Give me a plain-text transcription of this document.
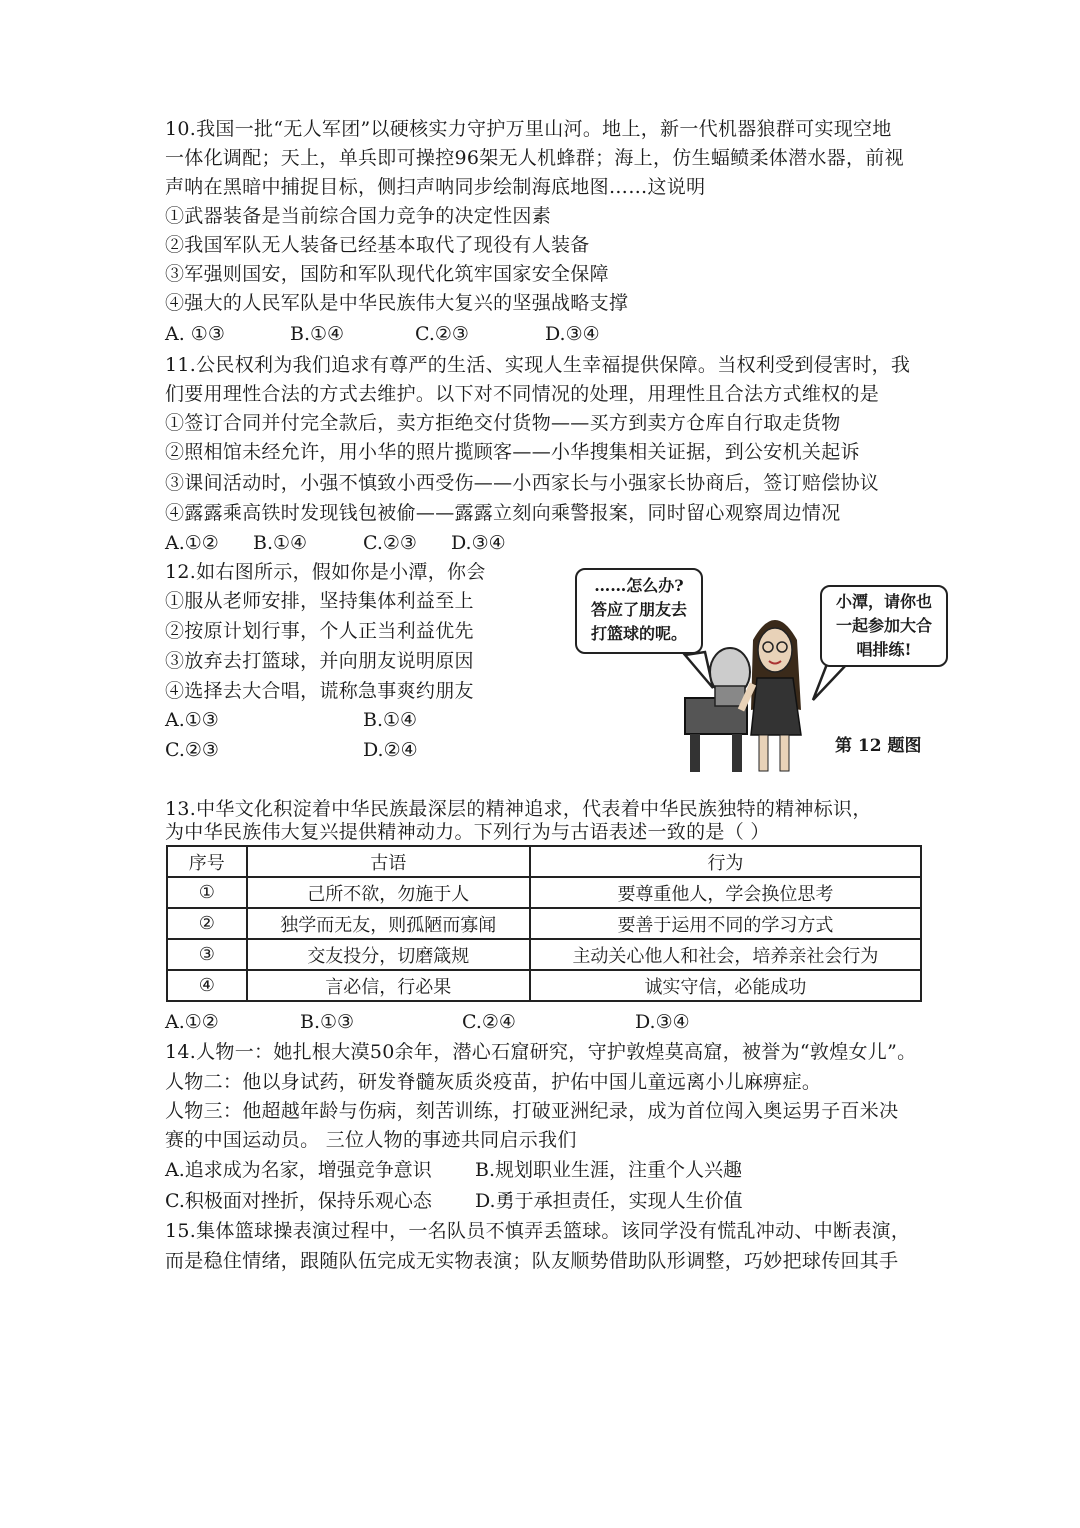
10.我国一批“无人军团”以硬核实力守护万里山河。地上，新一代机器狼群可实现空地
一体化调配；天上，单兵即可操控96架无人机蜂群；海上，仿生蝠鲼柔体潜水器，前视
声呐在黑暗中捕捉目标，侧扫声呐同步绘制海底地图……这说明
①武器装备是当前综合国力竞争的决定性因素
②我国军队无人装备已经基本取代了现役有人装备
③军强则国安，国防和军队现代化筑牢国家安全保障
④强大的人民军队是中华民族伟大复兴的坚强战略支撑
A. ①③	B.①④	C.②③	D.③④
11.公民权利为我们追求有尊严的生活、实现人生幸福提供保障。当权利受到侵害时，我
们要用理性合法的方式去维护。以下对不同情况的处理，用理性且合法方式维权的是
①签订合同并付完全款后，卖方拒绝交付货物——买方到卖方仓库自行取走货物
②照相馆未经允许，用小华的照片揽顾客——小华搜集相关证据，到公安机关起诉
③课间活动时，小强不慎致小西受伤——小西家长与小强家长协商后，签订赔偿协议
④露露乘高铁时发现钱包被偷——露露立刻向乘警报案，同时留心观察周边情况
A.①② B.①④	C.②③ D.③④
12.如右图所示，假如你是小潭，你会
①服从老师安排，坚持集体利益至上
②按原计划行事，个人正当利益优先
③放弃去打篮球，并向朋友说明原因
④选择去大合唱，谎称急事爽约朋友
A.①③	B.①④
C.②③	D.②④
……怎么办?
答应了朋友去
打篮球的呢。
小潭，请你也
一起参加大合
唱排练!
第 12 题图
13.中华文化积淀着中华民族最深层的精神追求，代表着中华民族独特的精神标识，
为中华民族伟大复兴提供精神动力。下列行为与古语表述一致的是（ ）
序号	古语	行为
①	己所不欲，勿施于人	要尊重他人，学会换位思考
②	独学而无友，则孤陋而寡闻	要善于运用不同的学习方式
③	交友投分，切磨箴规	主动关心他人和社会，培养亲社会行为
④	言必信，行必果	诚实守信，必能成功
A.①②	B.①③	C.②④	D.③④
14.人物一：她扎根大漠50余年，潜心石窟研究，守护敦煌莫高窟，被誉为“敦煌女儿”。
人物二：他以身试药，研发脊髓灰质炎疫苗，护佑中国儿童远离小儿麻痹症。
人物三：他超越年龄与伤病，刻苦训练，打破亚洲纪录，成为首位闯入奥运男子百米决
赛的中国运动员。 三位人物的事迹共同启示我们
A.追求成为名家，增强竞争意识 B.规划职业生涯，注重个人兴趣
C.积极面对挫折，保持乐观心态 D.勇于承担责任，实现人生价值
15.集体篮球操表演过程中，一名队员不慎弄丢篮球。该同学没有慌乱冲动、中断表演，
而是稳住情绪，跟随队伍完成无实物表演；队友顺势借助队形调整，巧妙把球传回其手
